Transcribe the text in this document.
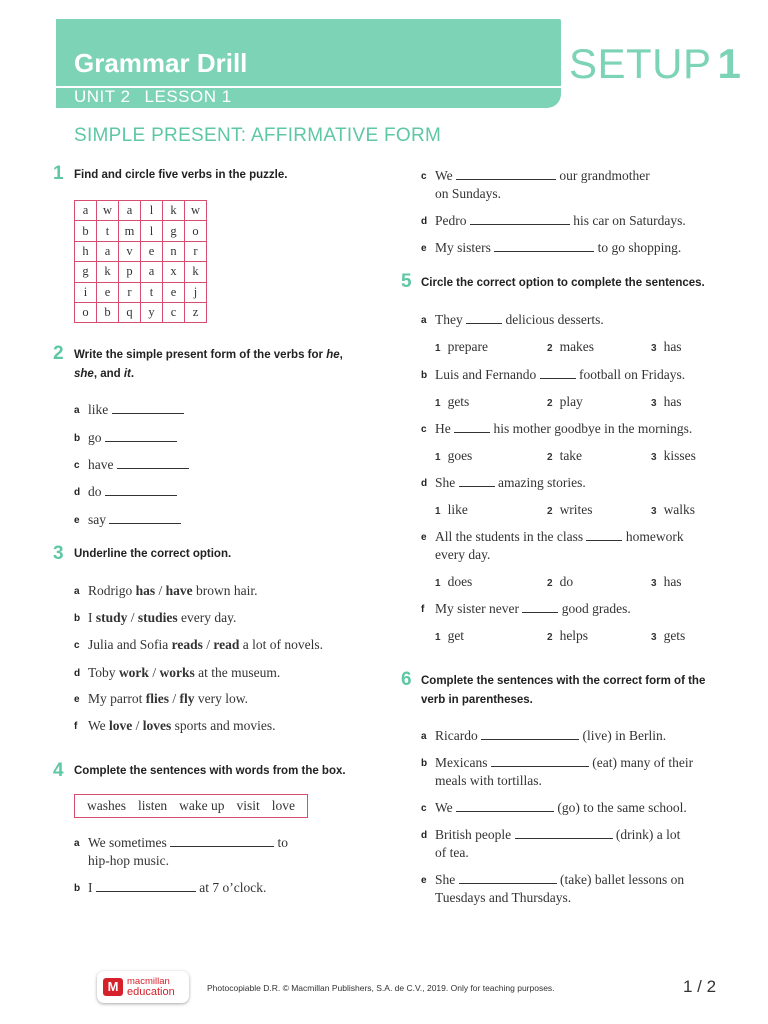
Grammar Drill
UNIT 2 LESSON 1
SETUP 1
SIMPLE PRESENT: AFFIRMATIVE FORM
1 Find and circle five verbs in the puzzle.
a	w	a	l	k	w
b	t	m	l	g	o
h	a	v	e	n	r
g	k	p	a	x	k
i	e	r	t	e	j
o	b	q	y	c	z
2 Write the simple present form of the verbs for he,
she, and it.
a like
b go
c have
d do
e say
3 Underline the correct option.
a Rodrigo has / have brown hair.
b I study / studies every day.
c Julia and Sofia reads / read a lot of novels.
d Toby work / works at the museum.
e My parrot flies / fly very low.
f We love / loves sports and movies.
4 Complete the sentences with words from the box.
washes listen wake up visit love
a We sometimes	to
hip-hop music.
b I	at 7 o’clock.
c We	our grandmother
on Sundays.
d Pedro	his car on Saturdays.
e My sisters	to go shopping.
5 Circle the correct option to complete the sentences.
a They	delicious desserts.
1 prepare	2 makes	3 has
b Luis and Fernando	football on Fridays.
1 gets	2 play	3 has
c He	his mother goodbye in the mornings.
1 goes	2 take	3 kisses
d She	amazing stories.
1 like	2 writes	3 walks
e All the students in the class	homework
every day.
1 does	2 do	3 has
f My sister never	good grades.
1 get	2 helps	3 gets
6 Complete the sentences with the correct form of the
verb in parentheses.
a Ricardo	(live) in Berlin.
b Mexicans	(eat) many of their
meals with tortillas.
c We	(go) to the same school.
d British people	(drink) a lot
of tea.
e She	(take) ballet lessons on
Tuesdays and Thursdays.
M macmillan
education	Photocopiable D.R. © Macmillan Publishers, S.A. de C.V., 2019. Only for teaching purposes.	1 / 2
